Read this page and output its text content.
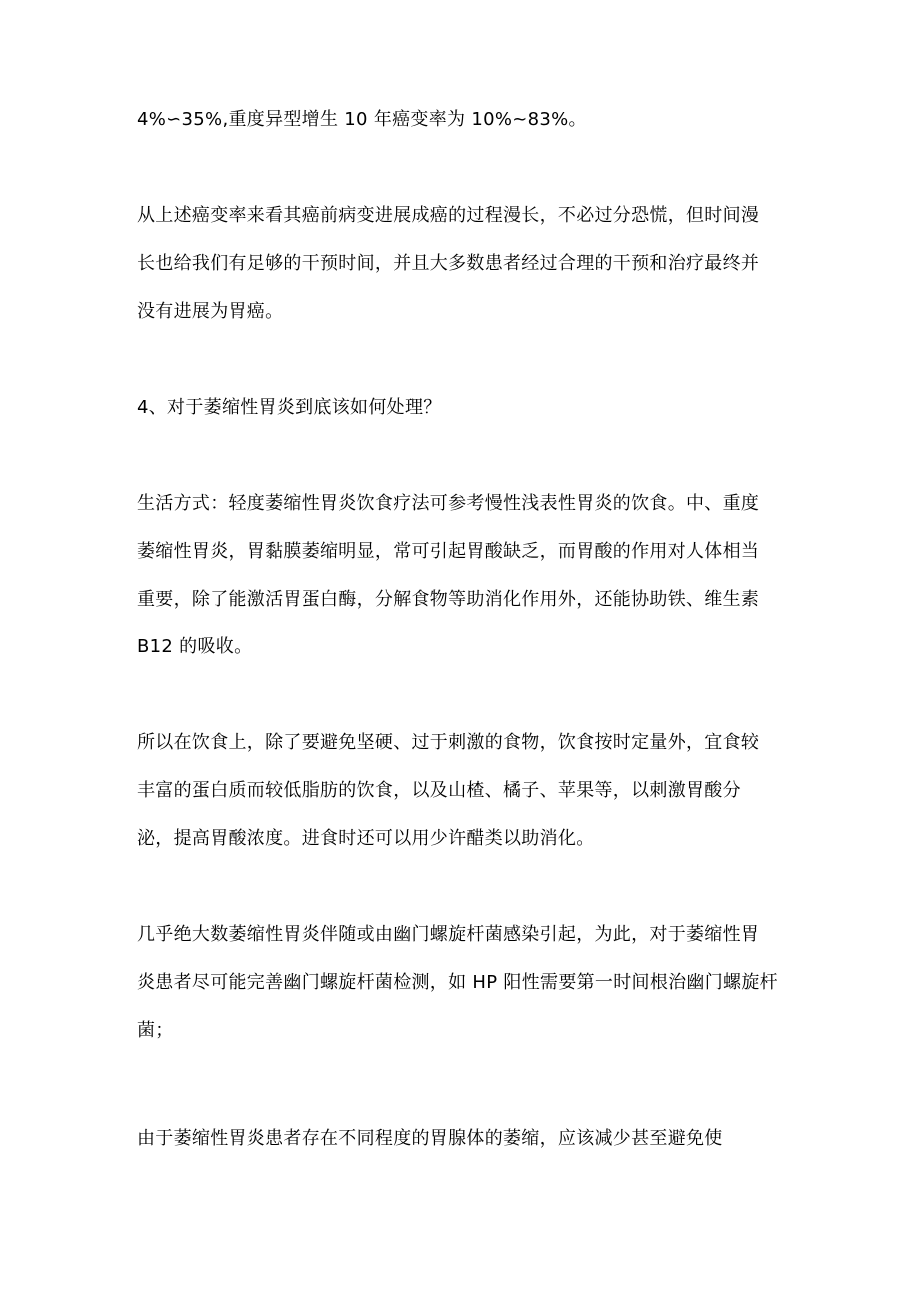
4%∽35%,重度异型增生 10 年癌变率为 10%~83%。
从上述癌变率来看其癌前病变进展成癌的过程漫长，不必过分恐慌，但时间漫
长也给我们有足够的干预时间，并且大多数患者经过合理的干预和治疗最终并
没有进展为胃癌。
4、对于萎缩性胃炎到底该如何处理？
生活方式：轻度萎缩性胃炎饮食疗法可参考慢性浅表性胃炎的饮食。中、重度
萎缩性胃炎，胃黏膜萎缩明显，常可引起胃酸缺乏，而胃酸的作用对人体相当
重要，除了能激活胃蛋白酶，分解食物等助消化作用外，还能协助铁、维生素
B12 的吸收。
所以在饮食上，除了要避免坚硬、过于刺激的食物，饮食按时定量外，宜食较
丰富的蛋白质而较低脂肪的饮食，以及山楂、橘子、苹果等，以刺激胃酸分
泌，提高胃酸浓度。进食时还可以用少许醋类以助消化。
几乎绝大数萎缩性胃炎伴随或由幽门螺旋杆菌感染引起，为此，对于萎缩性胃
炎患者尽可能完善幽门螺旋杆菌检测，如 HP 阳性需要第一时间根治幽门螺旋杆
菌；
由于萎缩性胃炎患者存在不同程度的胃腺体的萎缩，应该减少甚至避免使
